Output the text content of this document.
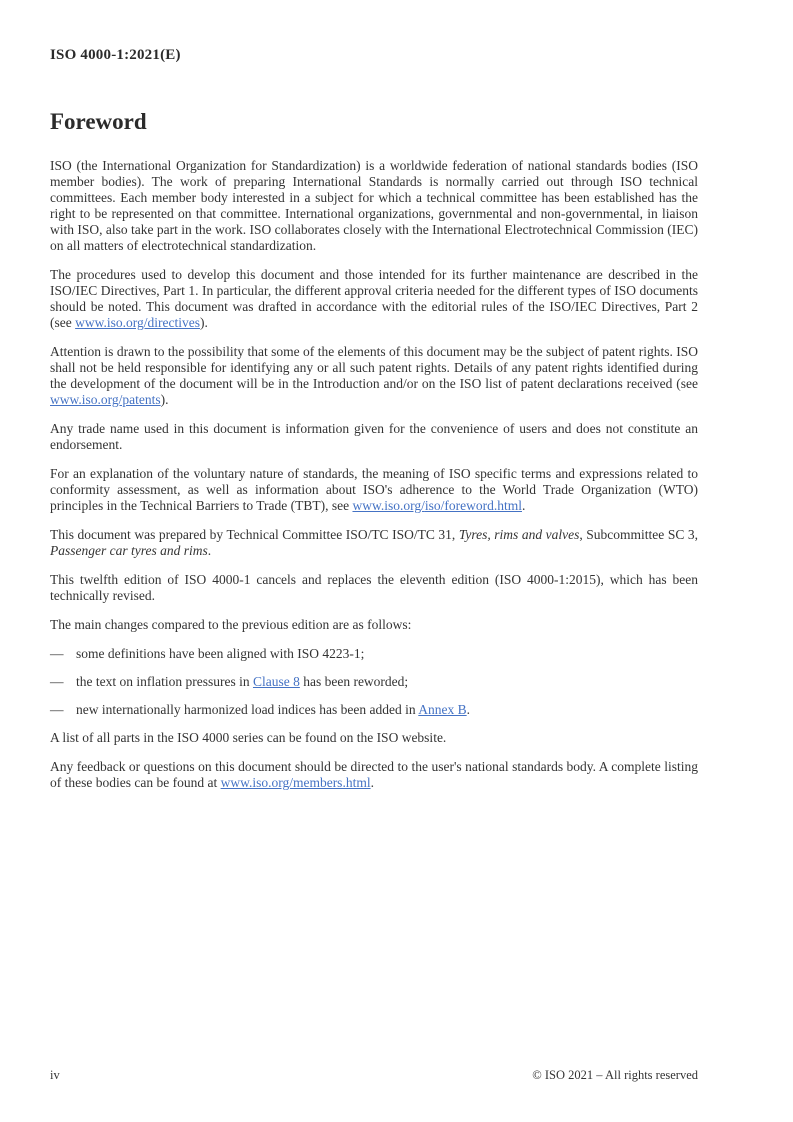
ISO 4000-1:2021(E)
Foreword

ISO (the International Organization for Standardization) is a worldwide federation of national standards bodies (ISO member bodies). The work of preparing International Standards is normally carried out through ISO technical committees. Each member body interested in a subject for which a technical committee has been established has the right to be represented on that committee. International organizations, governmental and non-governmental, in liaison with ISO, also take part in the work. ISO collaborates closely with the International Electrotechnical Commission (IEC) on all matters of electrotechnical standardization.

The procedures used to develop this document and those intended for its further maintenance are described in the ISO/IEC Directives, Part 1. In particular, the different approval criteria needed for the different types of ISO documents should be noted. This document was drafted in accordance with the editorial rules of the ISO/IEC Directives, Part 2 (see www.iso.org/directives).

Attention is drawn to the possibility that some of the elements of this document may be the subject of patent rights. ISO shall not be held responsible for identifying any or all such patent rights. Details of any patent rights identified during the development of the document will be in the Introduction and/or on the ISO list of patent declarations received (see www.iso.org/patents).

Any trade name used in this document is information given for the convenience of users and does not constitute an endorsement.

For an explanation of the voluntary nature of standards, the meaning of ISO specific terms and expressions related to conformity assessment, as well as information about ISO's adherence to the World Trade Organization (WTO) principles in the Technical Barriers to Trade (TBT), see www.iso.org/iso/foreword.html.

This document was prepared by Technical Committee ISO/TC ISO/TC 31, Tyres, rims and valves, Subcommittee SC 3, Passenger car tyres and rims.

This twelfth edition of ISO 4000-1 cancels and replaces the eleventh edition (ISO 4000-1:2015), which has been technically revised.

The main changes compared to the previous edition are as follows:

— some definitions have been aligned with ISO 4223-1;
— the text on inflation pressures in Clause 8 has been reworded;
— new internationally harmonized load indices has been added in Annex B.

A list of all parts in the ISO 4000 series can be found on the ISO website.

Any feedback or questions on this document should be directed to the user's national standards body. A complete listing of these bodies can be found at www.iso.org/members.html.

iv	© ISO 2021 – All rights reserved
